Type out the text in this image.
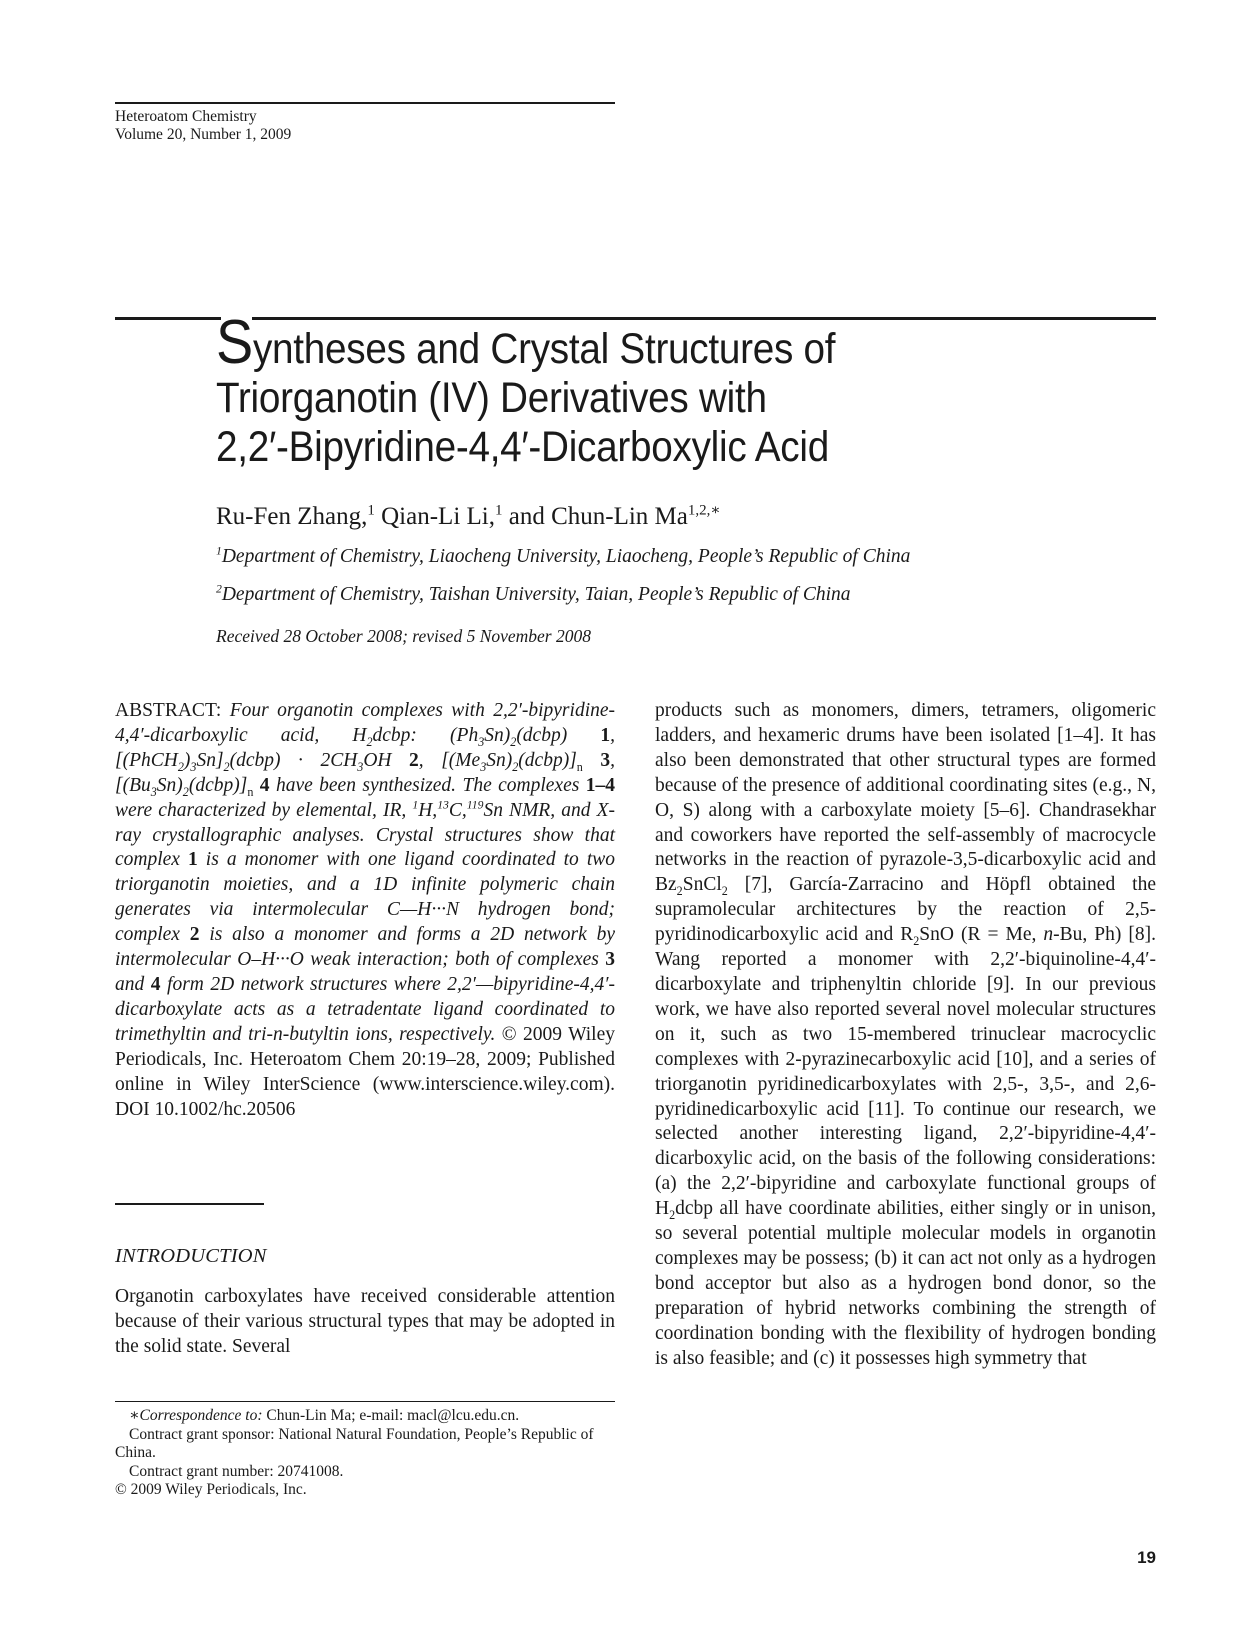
Heteroatom Chemistry
Volume 20, Number 1, 2009
Syntheses and Crystal Structures of
Triorganotin (IV) Derivatives with
2,2′-Bipyridine-4,4′-Dicarboxylic Acid
Ru-Fen Zhang,$^1$ Qian-Li Li,$^1$ and Chun-Lin $Ma^{1,2,∗}$
$^1$Department of Chemistry, Liaocheng University, Liaocheng, People’s Republic of China
$^2$Department of Chemistry, Taishan University, Taian, People’s Republic of China
Received 28 October 2008; revised 5 November 2008
ABSTRACT: Four organotin complexes with 2,2′-bipyridine-4,4′-dicarboxylic acid, $H_2dcbp$: $(Ph_3Sn)_2(dcbp)$ 1, $[(PhCH_2)_3Sn]_2(dcbp) \cdot 2CH_3OH$ 2, $[(Me_3Sn)_2(dcbp)]_n$ 3, $[(Bu_3Sn)_2(dcbp)]_n$ 4 have been synthesized. The complexes 1–4 were characterized by elemental, IR, $^1$H,$^{13}$C,$^{119}$Sn NMR, and X-ray crystallographic analyses. Crystal structures show that complex 1 is a monomer with one ligand coordinated to two triorganotin moieties, and a 1D infinite polymeric chain generates via intermolecular C—H···N hydrogen bond; complex 2 is also a monomer and forms a 2D network by intermolecular O–H···O weak interaction; both of complexes 3 and 4 form 2D network structures where 2,2′—bipyridine-4,4′-dicarboxylate acts as a tetradentate ligand coordinated to trimethyltin and tri-n-butyltin ions, respectively. © 2009 Wiley Periodicals, Inc. Heteroatom Chem 20:19–28, 2009; Published online in Wiley InterScience (www.interscience.wiley.com). DOI 10.1002/hc.20506
INTRODUCTION
Organotin carboxylates have received considerable attention because of their various structural types that may be adopted in the solid state. Several
∗Correspondence to: Chun-Lin Ma; e-mail: macl@lcu.edu.cn.
Contract grant sponsor: National Natural Foundation, People’s Republic of China.
Contract grant number: 20741008.
© 2009 Wiley Periodicals, Inc.
products such as monomers, dimers, tetramers, oligomeric ladders, and hexameric drums have been isolated [1–4]. It has also been demonstrated that other structural types are formed because of the presence of additional coordinating sites (e.g., N, O, S) along with a carboxylate moiety [5–6]. Chandrasekhar and coworkers have reported the self-assembly of macrocycle networks in the reaction of pyrazole-3,5-dicarboxylic acid and $Bz_2SnCl_2$ [7], García-Zarracino and Höpfl obtained the supramolecular architectures by the reaction of 2,5-pyridinodicarboxylic acid and $R_2SnO$ (R = Me, n-Bu, Ph) [8]. Wang reported a monomer with 2,2′-biquinoline-4,4′-dicarboxylate and triphenyltin chloride [9]. In our previous work, we have also reported several novel molecular structures on it, such as two 15-membered trinuclear macrocyclic complexes with 2-pyrazinecarboxylic acid [10], and a series of triorganotin pyridinedicarboxylates with 2,5-, 3,5-, and 2,6-pyridinedicarboxylic acid [11]. To continue our research, we selected another interesting ligand, 2,2′-bipyridine-4,4′-dicarboxylic acid, on the basis of the following considerations: (a) the 2,2′-bipyridine and carboxylate functional groups of $H_2dcbp$ all have coordinate abilities, either singly or in unison, so several potential multiple molecular models in organotin complexes may be possess; (b) it can act not only as a hydrogen bond acceptor but also as a hydrogen bond donor, so the preparation of hybrid networks combining the strength of coordination bonding with the flexibility of hydrogen bonding is also feasible; and (c) it possesses high symmetry that
19
